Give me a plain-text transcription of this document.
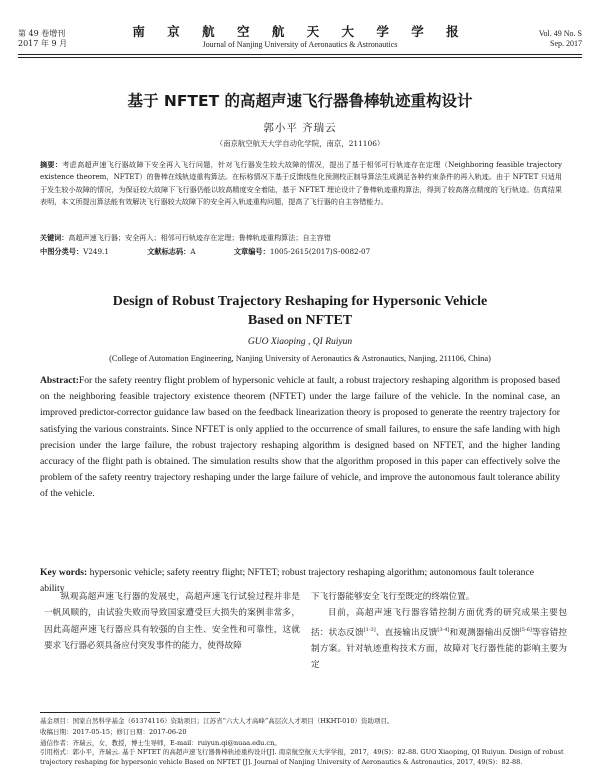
第 49 卷增刊
2017 年 9 月
南 京 航 空 航 天 大 学 学 报
Journal of Nanjing University of Aeronautics & Astronautics
Vol. 49 No. S
Sep. 2017
基于 NFTET 的高超声速飞行器鲁棒轨迹重构设计
郭小平 齐瑞云
（南京航空航天大学自动化学院，南京，211106）
摘要：考虑高超声速飞行器故障下安全再入飞行问题，针对飞行器发生较大故障的情况，提出了基于相邻可行轨迹存在定理（Neighboring feasible trajectory existence theorem，NFTET）的鲁棒在线轨迹重构算法。在标称情况下基于反馈线性化预测校正制导算法生成满足各种约束条件的再入轨迹。由于 NFTET 只适用于发生较小故障的情况，为保证较大故障下飞行器仍能以较高精度安全着陆，基于 NFTET 理论设计了鲁棒轨迹重构算法，得到了较高落点精度的飞行轨迹。仿真结果表明，本文所提出算法能有效解决飞行器较大故障下的安全再入轨迹重构问题，提高了飞行器的自主容错能力。
关键词：高超声速飞行器；安全再入；相邻可行轨迹存在定理；鲁棒轨迹重构算法；自主容错
中图分类号：V249.1	文献标志码：A	文章编号：1005-2615(2017)S-0082-07
Design of Robust Trajectory Reshaping for Hypersonic Vehicle
Based on NFTET
GUO Xiaoping , QI Ruiyun
(College of Automation Engineering, Nanjing University of Aeronautics & Astronautics, Nanjing, 211106, China)
Abstract:For the safety reentry flight problem of hypersonic vehicle at fault, a robust trajectory reshaping algorithm is proposed based on the neighboring feasible trajectory existence theorem (NFTET) under the large failure of the vehicle. In the nominal case, an improved predictor-corrector guidance law based on the feedback linearization theory is proposed to generate the reentry trajectory for satisfying the various constraints. Since NFTET is only applied to the occurrence of small failures, to ensure the safe landing with high precision under the large failure, the robust trajectory reshaping algorithm is designed based on NFTET, and the higher landing accuracy of the flight path is obtained. The simulation results show that the algorithm proposed in this paper can effectively solve the problem of the safety reentry trajectory reshaping under the large failure of vehicle, and improve the autonomous fault tolerance ability of the vehicle.
Key words: hypersonic vehicle; safety reentry flight; NFTET; robust trajectory reshaping algorithm; autonomous fault tolerance ability
纵观高超声速飞行器的发展史，高超声速飞行试验过程并非是一帆风顺的，由试验失败而导致国家遭受巨大损失的案例非常多，因此高超声速飞行器应具有较强的自主性、安全性和可靠性，这就要求飞行器必须具备应付突发事件的能力，使得故障
下飞行器能够安全飞行至既定的终端位置。
目前，高超声速飞行器容错控制方面优秀的研究成果主要包括：状态反馈[1-3]、直接输出反馈[3-4]和观测器输出反馈[5-6]等容错控制方案。针对轨迹重构技术方面，故障对飞行器性能的影响主要为定

基金项目：国家自然科学基金（61374116）资助项目；江苏省“六大人才高峰”高层次人才项目（HKHT-010）资助项目。

收稿日期：2017-05-15；修订日期：2017-06-20

通信作者：齐瑞云，女，教授，博士生导师，E-mail：ruiyun.qi@nuaa.edu.cn。

引用格式：郭小平，齐瑞云. 基于 NFTET 的高超声速飞行器鲁棒轨迹重构设计[J]. 南京航空航天大学学报，2017，49(S)：82-88. GUO Xiaoping, QI Ruiyun. Design of robust trajectory reshaping for hypersonic vehicle Based on NFTET [J]. Journal of Nanjing University of Aeronautics & Astronautics, 2017, 49(S)：82-88.
